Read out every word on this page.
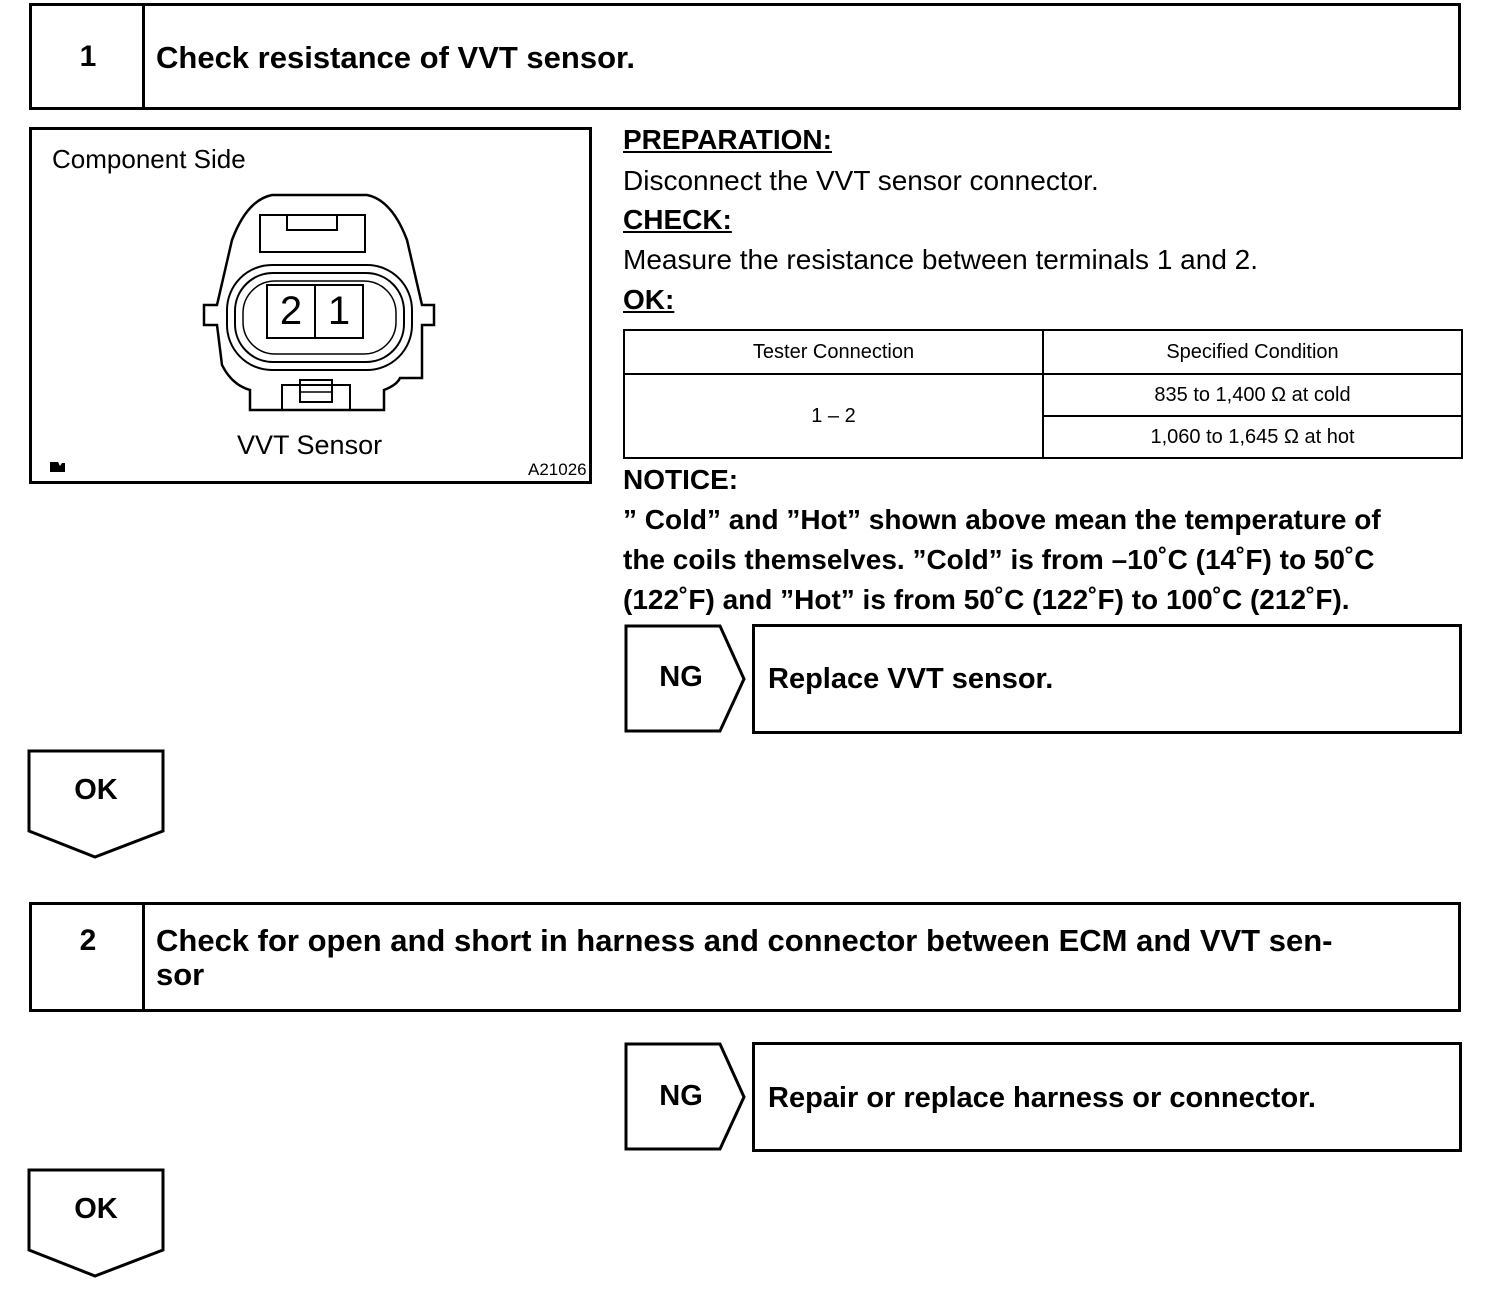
1	Check resistance of VVT sensor.
Component Side
2 1
VVT Sensor
A21026
PREPARATION:
Disconnect the VVT sensor connector.
CHECK:
Measure the resistance between terminals 1 and 2.
OK:
Tester Connection	Specified Condition
1 – 2	835 to 1,400 Ω at cold
	1,060 to 1,645 Ω at hot
NOTICE:
” Cold” and ”Hot” shown above mean the temperature of
the coils themselves. ”Cold” is from –10˚C (14˚F) to 50˚C
(122˚F) and ”Hot” is from 50˚C (122˚F) to 100˚C (212˚F).
NG	Replace VVT sensor.
OK
2	Check for open and short in harness and connector between ECM and VVT sen-
sor
NG	Repair or replace harness or connector.
OK
